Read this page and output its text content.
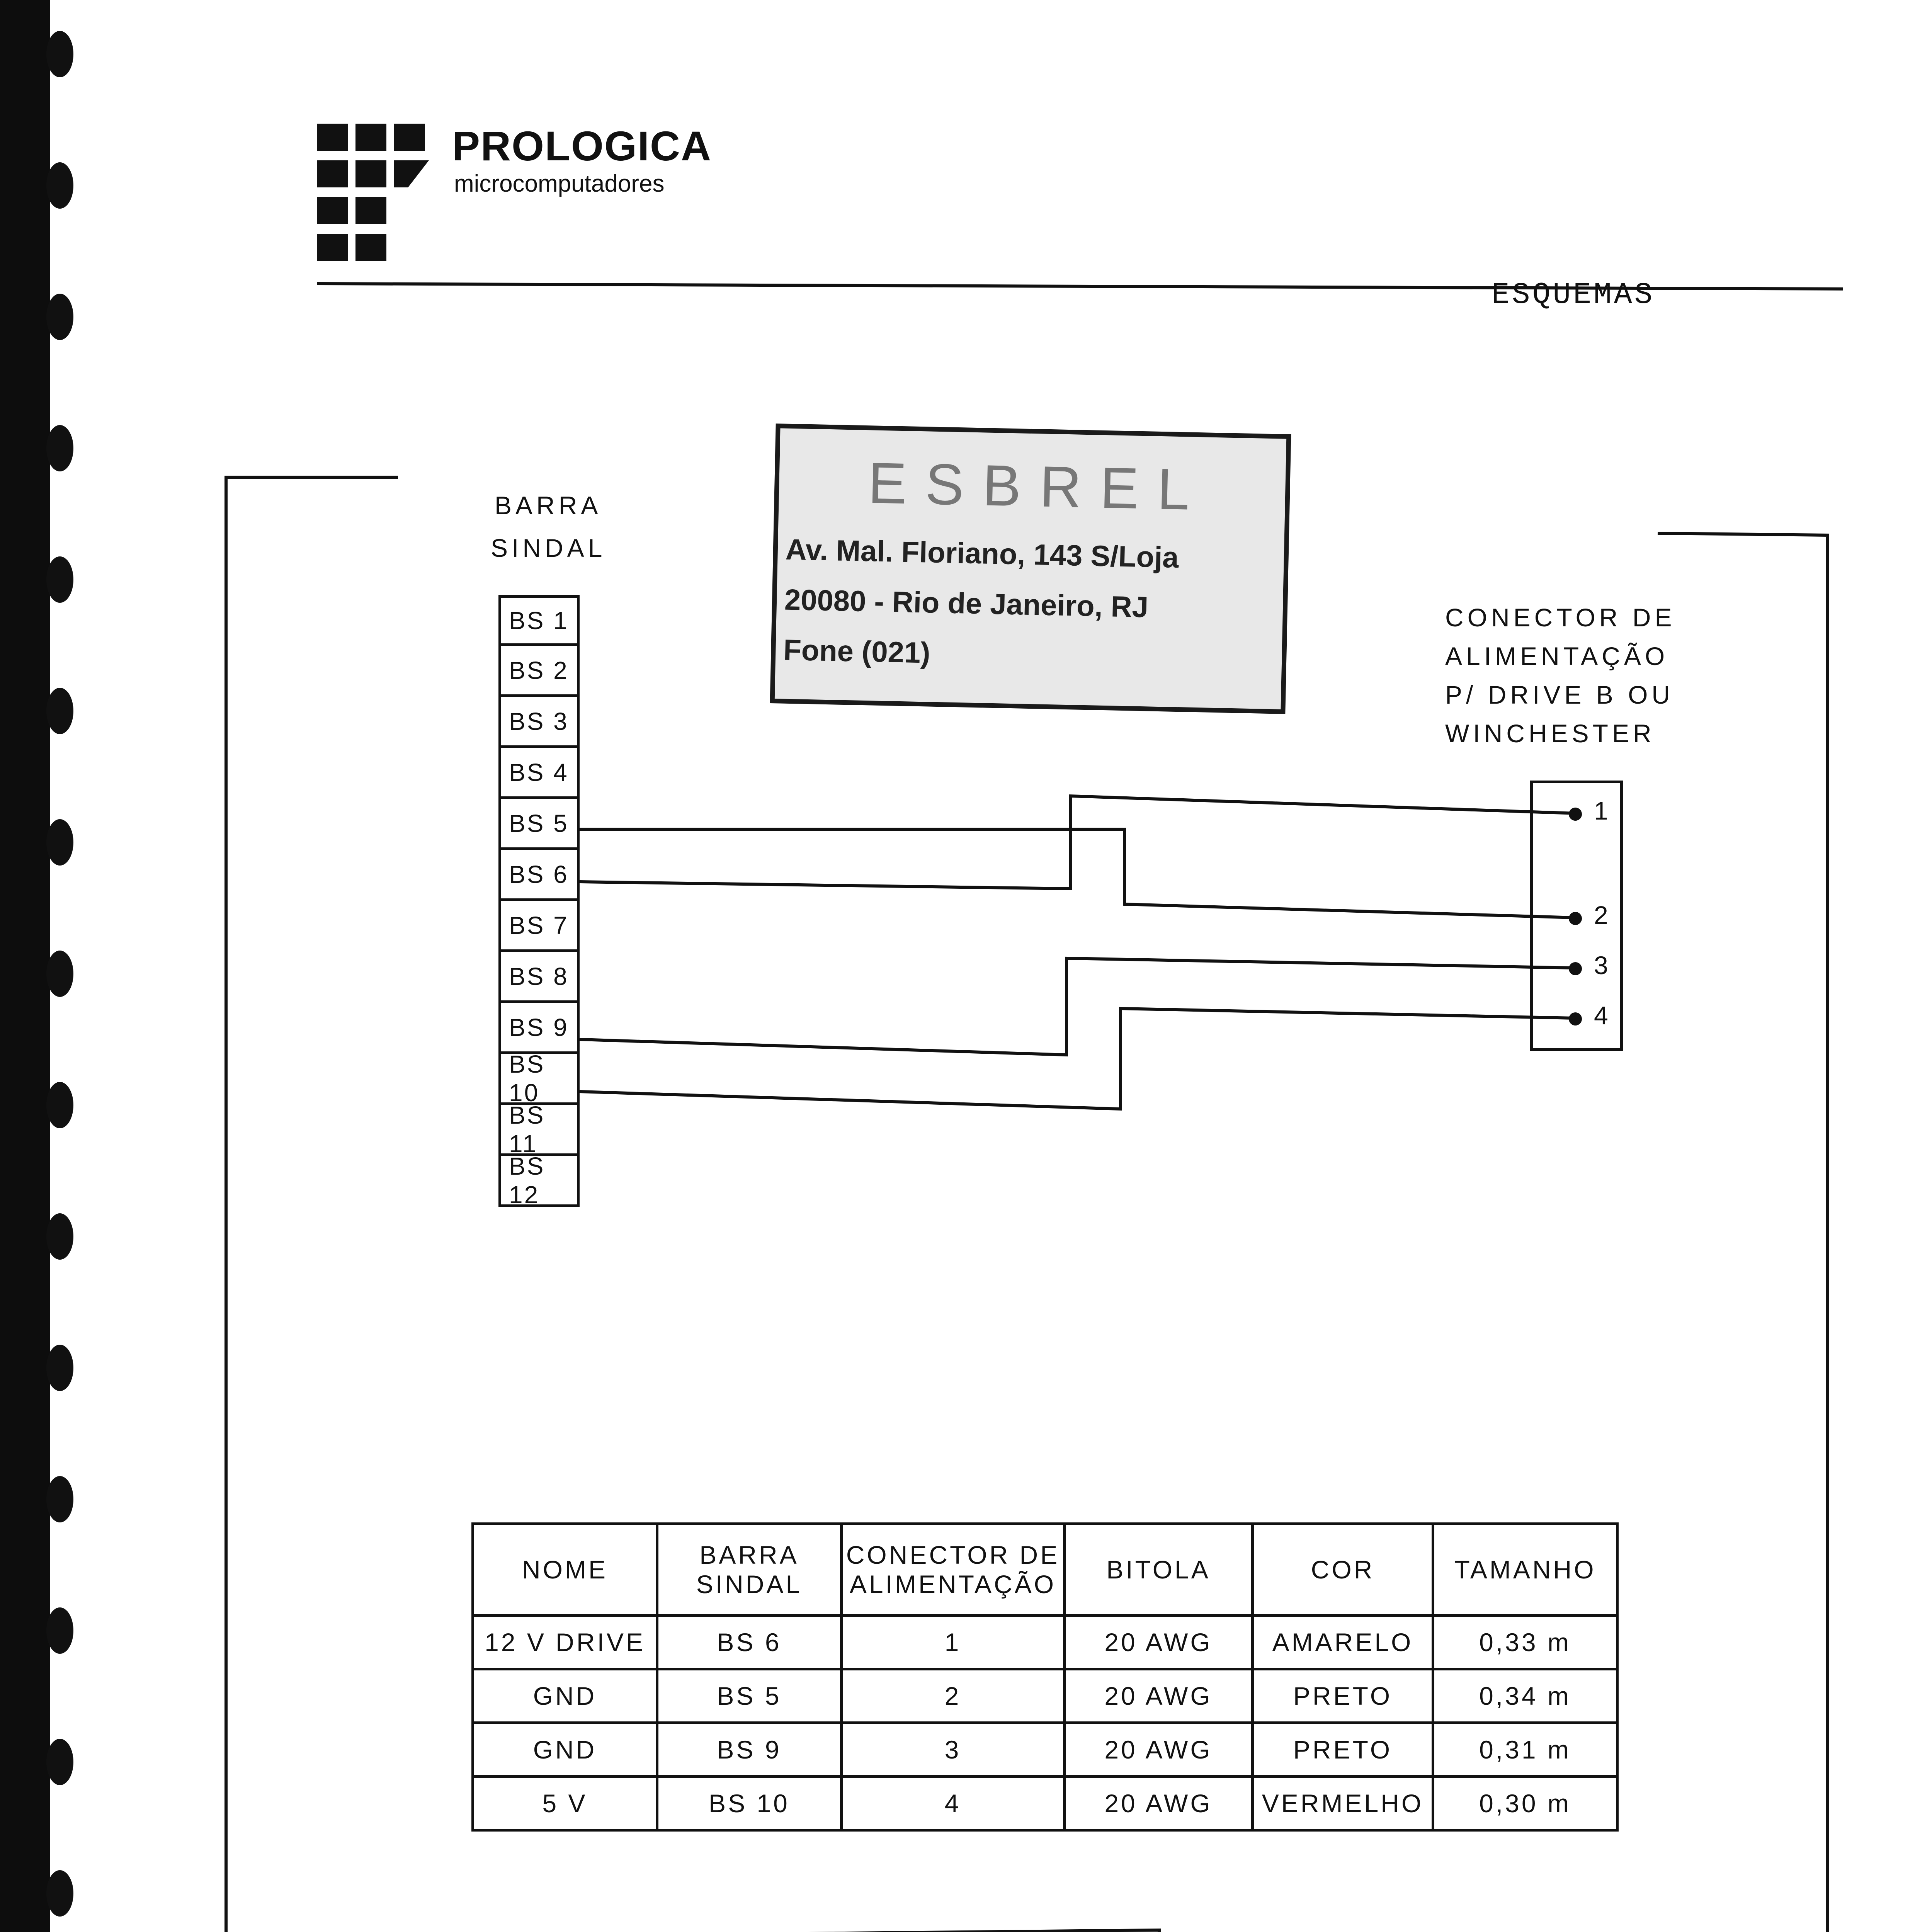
PROLOGICA
microcomputadores
ESQUEMAS
ESBREL
Av. Mal. Floriano, 143 S/Loja
20080 - Rio de Janeiro, RJ
Fone (021)
BARRA
SINDAL
BS 1
BS 2
BS 3
BS 4
BS 5
BS 6
BS 7
BS 8
BS 9
BS 10
BS 11
BS 12
CONECTOR DE
ALIMENTAÇÃO
P/ DRIVE B OU
WINCHESTER
1
2
3
4
NOME	BARRA SINDAL	CONECTOR DE ALIMENTAÇÃO	BITOLA	COR	TAMANHO
12 V DRIVE	BS 6	1	20 AWG	AMARELO	0,33 m
GND	BS 5	2	20 AWG	PRETO	0,34 m
GND	BS 9	3	20 AWG	PRETO	0,31 m
5 V	BS 10	4	20 AWG	VERMELHO	0,30 m
